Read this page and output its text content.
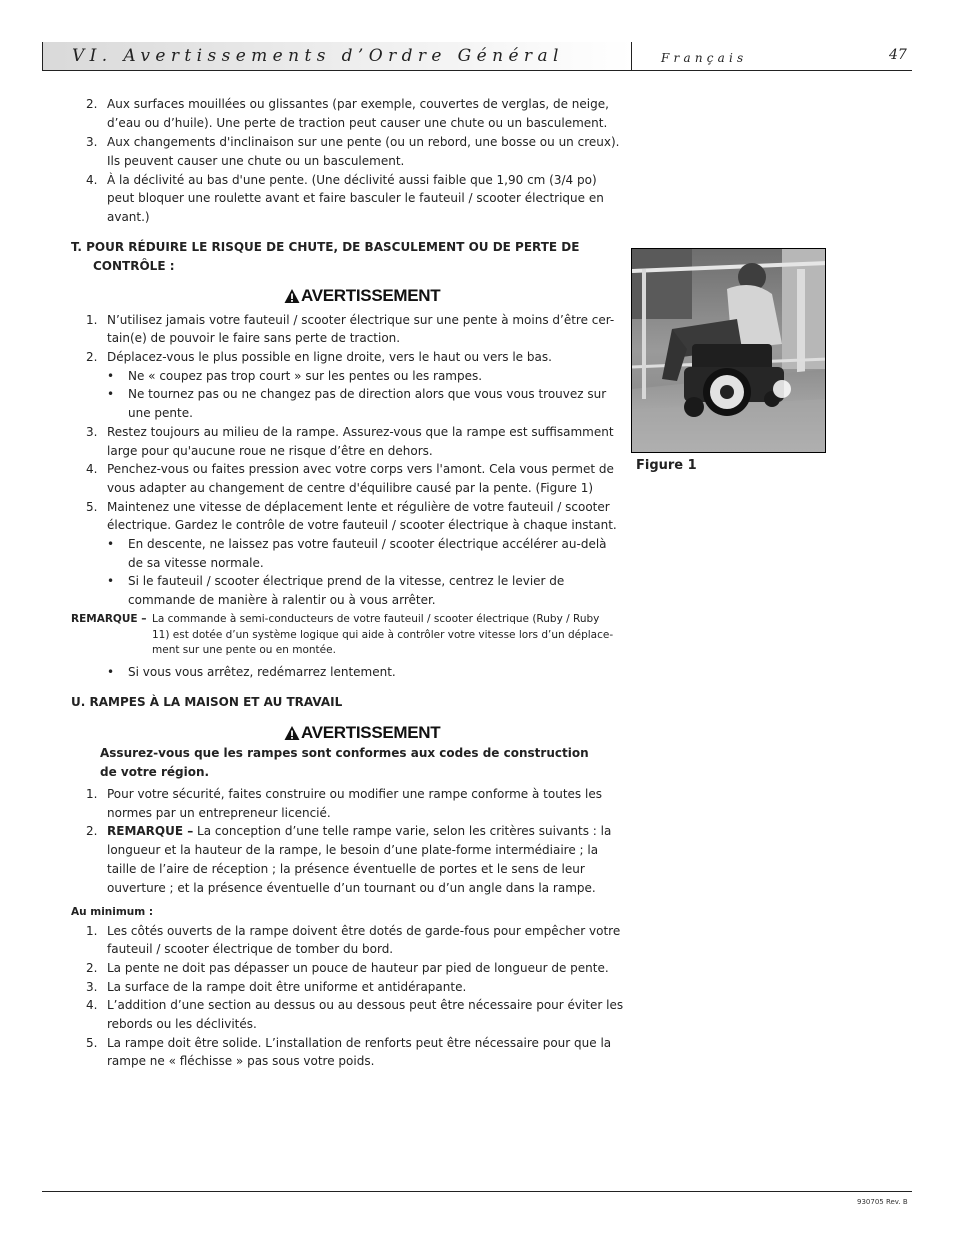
VI. Avertissements d’Ordre Général	Français	47
2. Aux surfaces mouillées ou glissantes (par exemple, couvertes de verglas, de neige,
d’eau ou d’huile). Une perte de traction peut causer une chute ou un basculement.
3. Aux changements d'inclinaison sur une pente (ou un rebord, une bosse ou un creux).
Ils peuvent causer une chute ou un basculement.
4. À la déclivité au bas d'une pente. (Une déclivité aussi faible que 1,90 cm (3/4 po)
peut bloquer une roulette avant et faire basculer le fauteuil / scooter électrique en
avant.)
T. POUR RÉDUIRE LE RISQUE DE CHUTE, DE BASCULEMENT OU DE PERTE DE
CONTRÔLE :
AVERTISSEMENT
1. N’utilisez jamais votre fauteuil / scooter électrique sur une pente à moins d’être cer-
tain(e) de pouvoir le faire sans perte de traction.
2. Déplacez-vous le plus possible en ligne droite, vers le haut ou vers le bas.
• Ne « coupez pas trop court » sur les pentes ou les rampes.
• Ne tournez pas ou ne changez pas de direction alors que vous vous trouvez sur
une pente.
3. Restez toujours au milieu de la rampe. Assurez-vous que la rampe est suffisamment
large pour qu'aucune roue ne risque d’être en dehors.
4. Penchez-vous ou faites pression avec votre corps vers l'amont. Cela vous permet de
vous adapter au changement de centre d'équilibre causé par la pente. (Figure 1)
5. Maintenez une vitesse de déplacement lente et régulière de votre fauteuil / scooter
électrique. Gardez le contrôle de votre fauteuil / scooter électrique à chaque instant.
• En descente, ne laissez pas votre fauteuil / scooter électrique accélérer au-delà
de sa vitesse normale.
• Si le fauteuil / scooter électrique prend de la vitesse, centrez le levier de
commande de manière à ralentir ou à vous arrêter.
REMARQUE – La commande à semi-conducteurs de votre fauteuil / scooter électrique (Ruby / Ruby
11) est dotée d’un système logique qui aide à contrôler votre vitesse lors d’un déplace-
ment sur une pente ou en montée.
• Si vous vous arrêtez, redémarrez lentement.
U. RAMPES À LA MAISON ET AU TRAVAIL
AVERTISSEMENT
Assurez-vous que les rampes sont conformes aux codes de construction
de votre région.
1. Pour votre sécurité, faites construire ou modifier une rampe conforme à toutes les
normes par un entrepreneur licencié.
2. REMARQUE – La conception d’une telle rampe varie, selon les critères suivants : la
longueur et la hauteur de la rampe, le besoin d’une plate-forme intermédiaire ; la
taille de l’aire de réception ; la présence éventuelle de portes et le sens de leur
ouverture ; et la présence éventuelle d’un tournant ou d’un angle dans la rampe.
Au minimum :
1. Les côtés ouverts de la rampe doivent être dotés de garde-fous pour empêcher votre
fauteuil / scooter électrique de tomber du bord.
2. La pente ne doit pas dépasser un pouce de hauteur par pied de longueur de pente.
3. La surface de la rampe doit être uniforme et antidérapante.
4. L’addition d’une section au dessus ou au dessous peut être nécessaire pour éviter les
rebords ou les déclivités.
5. La rampe doit être solide. L’installation de renforts peut être nécessaire pour que la
rampe ne « fléchisse » pas sous votre poids.
Figure 1
930705 Rev. B
